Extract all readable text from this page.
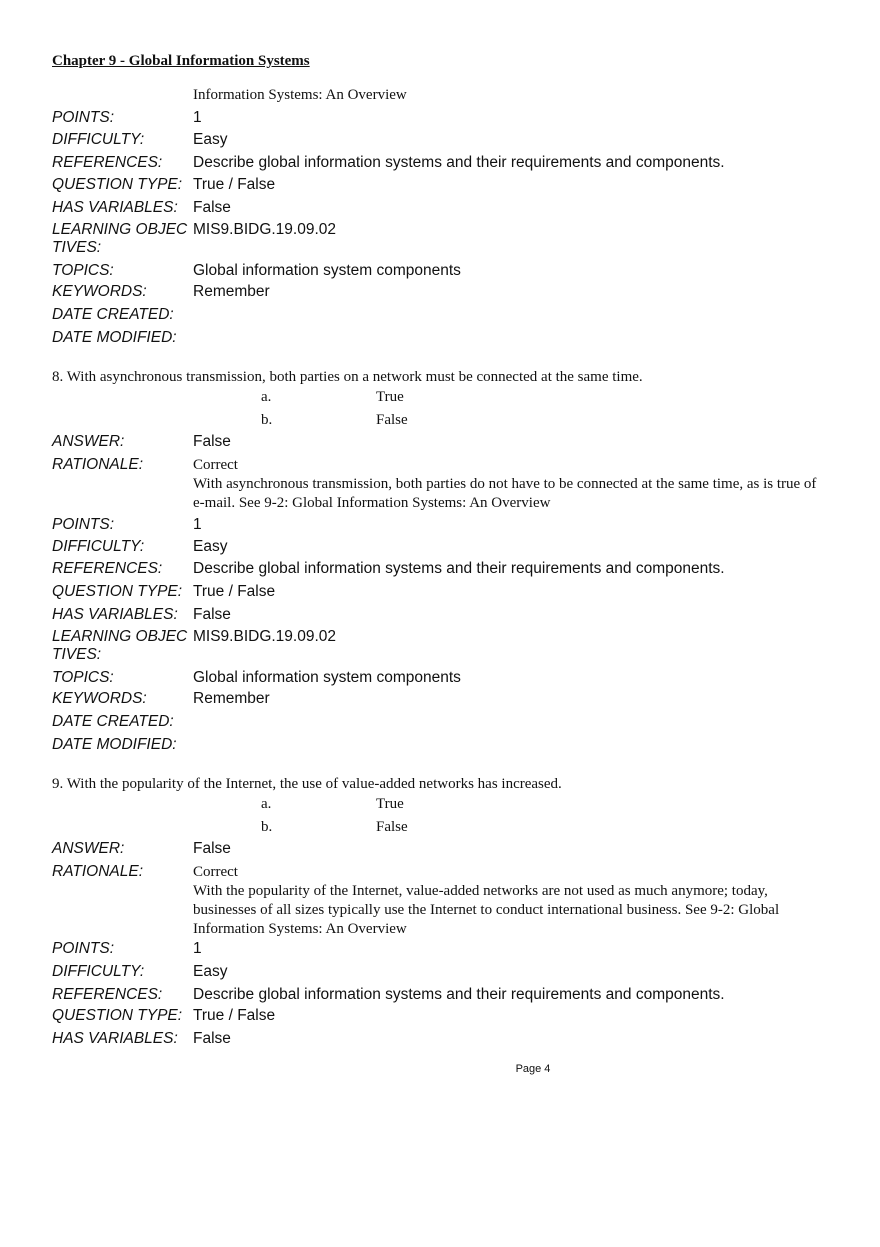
Chapter 9 - Global Information Systems
Information Systems: An Overview
POINTS:	1
DIFFICULTY:	Easy
REFERENCES: Describe global information systems and their requirements and components.
QUESTION TYPE: True / False
HAS VARIABLES: False
LEARNING OBJEC
TIVES:
MIS9.BIDG.19.09.02
TOPICS:	Global information system components
KEYWORDS:	Remember
DATE CREATED:
DATE MODIFIED:
8. With asynchronous transmission, both parties on a network must be connected at the same time.
a.	True
b.	False
ANSWER:	False
RATIONALE:	Correct
With asynchronous transmission, both parties do not have to be connected at the same time, as is true of e-mail. See 9-2: Global Information Systems: An Overview
POINTS:	1
DIFFICULTY:	Easy
REFERENCES: Describe global information systems and their requirements and components.
QUESTION TYPE: True / False
HAS VARIABLES: False
LEARNING OBJEC
TIVES:
MIS9.BIDG.19.09.02
TOPICS:	Global information system components
KEYWORDS:	Remember
DATE CREATED:
DATE MODIFIED:
9. With the popularity of the Internet, the use of value-added networks has increased.
a.	True
b.	False
ANSWER:	False
RATIONALE:	Correct
With the popularity of the Internet, value-added networks are not used as much anymore; today, businesses of all sizes typically use the Internet to conduct international business. See 9-2: Global Information Systems: An Overview
POINTS:	1
DIFFICULTY:	Easy
REFERENCES: Describe global information systems and their requirements and components.
QUESTION TYPE: True / False
HAS VARIABLES: False
Page 4
